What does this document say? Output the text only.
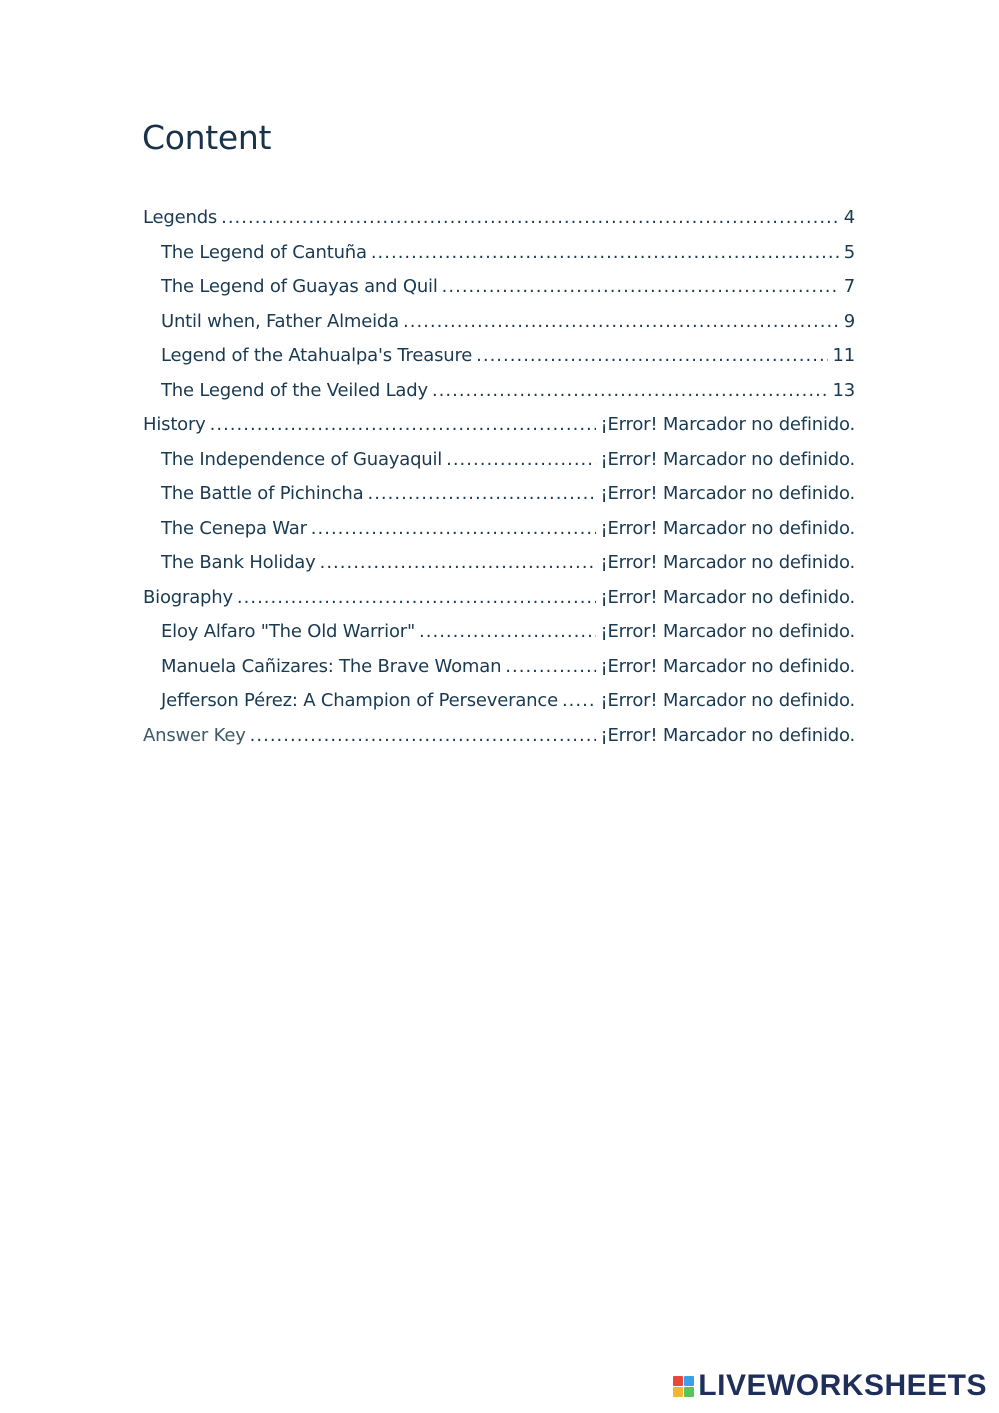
Content
Legends .....	4
The Legend of Cantuña .....	5
The Legend of Guayas and Quil .....	7
Until when, Father Almeida .....	9
Legend of the Atahualpa's Treasure .....	11
The Legend of the Veiled Lady .....	13
History .....	¡Error! Marcador no definido.
The Independence of Guayaquil .....	¡Error! Marcador no definido.
The Battle of Pichincha .....	¡Error! Marcador no definido.
The Cenepa War .....	¡Error! Marcador no definido.
The Bank Holiday .....	¡Error! Marcador no definido.
Biography .....	¡Error! Marcador no definido.
Eloy Alfaro "The Old Warrior" .....	¡Error! Marcador no definido.
Manuela Cañizares: The Brave Woman .....	¡Error! Marcador no definido.
Jefferson Pérez: A Champion of Perseverance ..... ¡Error! Marcador no definido.
Answer Key .....	¡Error! Marcador no definido.
LIVEWORKSHEETS
